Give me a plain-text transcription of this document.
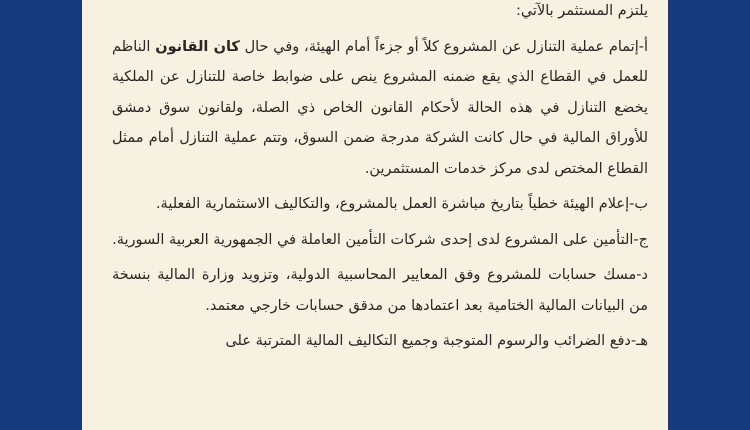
يلتزم المستثمر بالآتي:

أ-إتمام عملية التنازل عن المشروع كلاً أو جزءاً أمام الهيئة، وفي حال كان القانون الناظم للعمل في القطاع الذي يقع ضمنه المشروع ينص على ضوابط خاصة للتنازل عن الملكية يخضع التنازل في هذه الحالة لأحكام القانون الخاص ذي الصلة، ولقانون سوق دمشق للأوراق المالية في حال كانت الشركة مدرجة ضمن السوق، وتتم عملية التنازل أمام ممثل القطاع المختص لدى مركز خدمات المستثمرين.

ب-إعلام الهيئة خطياً بتاريخ مباشرة العمل بالمشروع، والتكاليف الاستثمارية الفعلية.

ج-التأمين على المشروع لدى إحدى شركات التأمين العاملة في الجمهورية العربية السورية.

د-مسك حسابات للمشروع وفق المعايير المحاسبية الدولية، وتزويد وزارة المالية بنسخة من البيانات المالية الختامية بعد اعتمادها من مدقق حسابات خارجي معتمد.

هـ-دفع الضرائب والرسوم المتوجبة وجميع التكاليف المالية المترتبة على
